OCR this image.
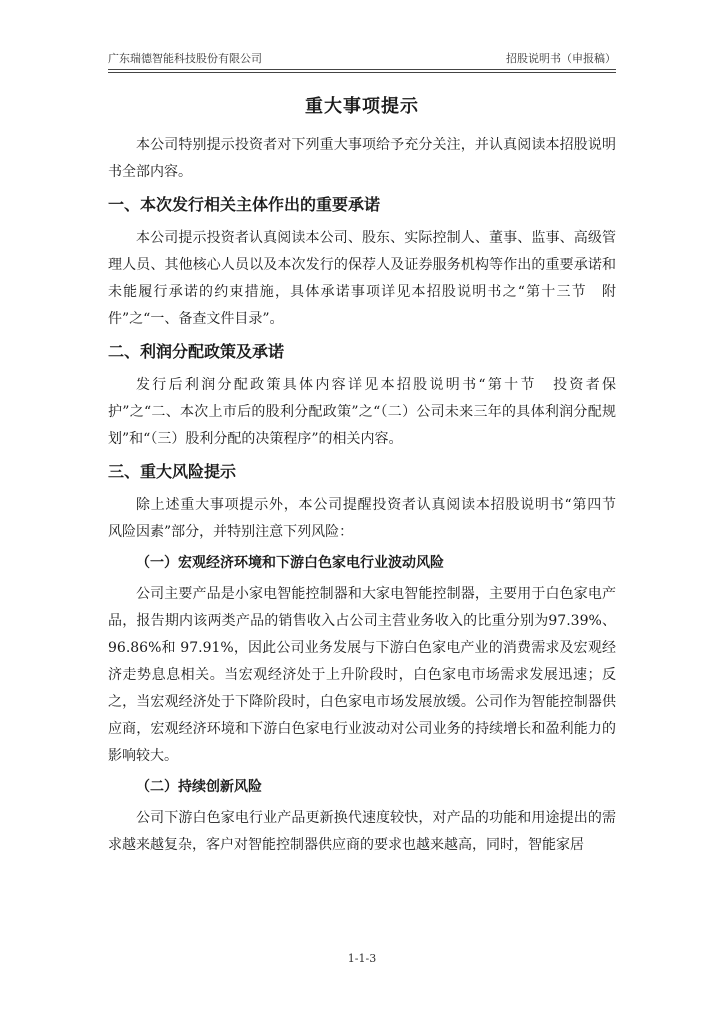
广东瑞德智能科技股份有限公司	招股说明书（申报稿）
重大事项提示

本公司特别提示投资者对下列重大事项给予充分关注，并认真阅读本招股说明书全部内容。

一、本次发行相关主体作出的重要承诺

本公司提示投资者认真阅读本公司、股东、实际控制人、董事、监事、高级管理人员、其他核心人员以及本次发行的保荐人及证券服务机构等作出的重要承诺和未能履行承诺的约束措施，具体承诺事项详见本招股说明书之“第十三节　附件”之“一、备查文件目录”。

二、利润分配政策及承诺

发行后利润分配政策具体内容详见本招股说明书“第十节　投资者保护”之“二、本次上市后的股利分配政策”之“（二）公司未来三年的具体利润分配规划”和“（三）股利分配的决策程序”的相关内容。

三、重大风险提示

除上述重大事项提示外，本公司提醒投资者认真阅读本招股说明书“第四节　风险因素”部分，并特别注意下列风险：

（一）宏观经济环境和下游白色家电行业波动风险

公司主要产品是小家电智能控制器和大家电智能控制器，主要用于白色家电产品，报告期内该两类产品的销售收入占公司主营业务收入的比重分别为97.39%、96.86%和 97.91%，因此公司业务发展与下游白色家电产业的消费需求及宏观经济走势息息相关。当宏观经济处于上升阶段时，白色家电市场需求发展迅速；反之，当宏观经济处于下降阶段时，白色家电市场发展放缓。公司作为智能控制器供应商，宏观经济环境和下游白色家电行业波动对公司业务的持续增长和盈利能力的影响较大。

（二）持续创新风险

公司下游白色家电行业产品更新换代速度较快，对产品的功能和用途提出的需求越来越复杂，客户对智能控制器供应商的要求也越来越高，同时，智能家居

1-1-3
